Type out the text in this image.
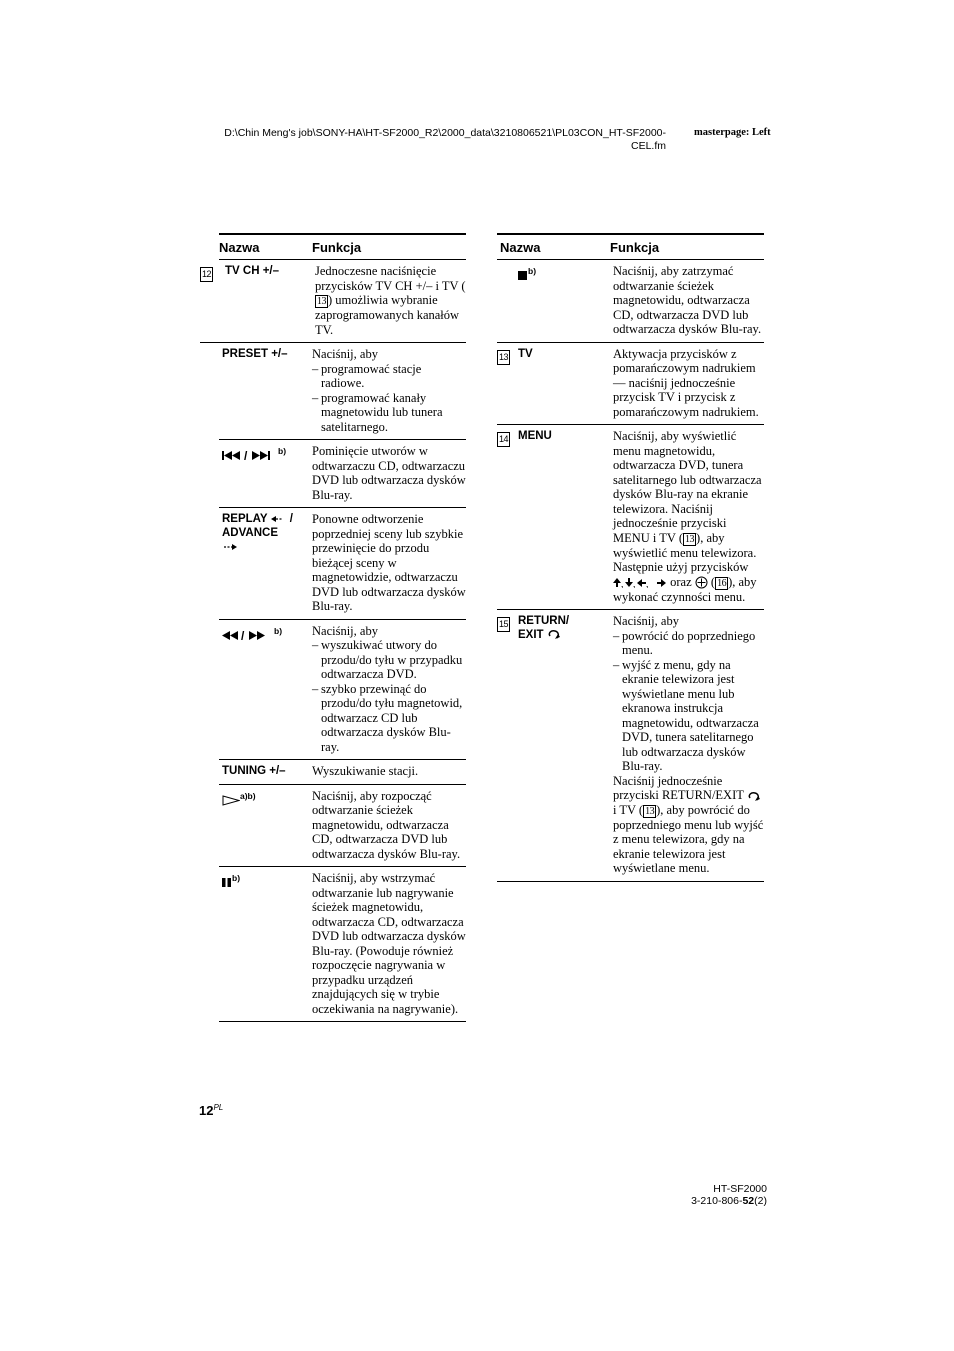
D:\Chin Meng's job\SONY-HA\HT-SF2000_R2\2000_data\3210806521\PL03CON_HT-SF2000-
CEL.fm
masterpage: Left
Nazwa	Funkcja
12	TV CH +/–	Jednoczesne naciśnięcie przycisków TV CH +/– i TV (13 ) umożliwia wybranie zaprogramowanych kanałów TV.
PRESET +/–	Naciśnij, aby
– programować stacje radiowe.
– programować kanały magnetowidu lub tunera satelitarnego.
/	$^{b)}$	Pominięcie utworów w odtwarzaczu CD, odtwarzaczu DVD lub odtwarzacza dysków Blu-ray.
REPLAY  /
ADVANCE
Ponowne odtworzenie poprzedniej sceny lub szybkie przewinięcie do przodu bieżącej sceny w magnetowidzie, odtwarzaczu DVD lub odtwarzacza dysków Blu-ray.
/	$^{b)}$	Naciśnij, aby
– wyszukiwać utwory do przodu/do tyłu w przypadku odtwarzacza DVD.
– szybko przewinąć do przodu/do tyłu magnetowid, odtwarzacz CD lub odtwarzacza dysków Blu-ray.
TUNING +/–	Wyszukiwanie stacji.
$^{a)b)}$	Naciśnij, aby rozpocząć odtwarzanie ścieżek magnetowidu, odtwarzacza CD, odtwarzacza DVD lub odtwarzacza dysków Blu-ray.
$^{b)}$	Naciśnij, aby wstrzymać odtwarzanie lub nagrywanie ścieżek magnetowidu, odtwarzacza CD, odtwarzacza DVD lub odtwarzacza dysków Blu-ray. (Powoduje również rozpoczęcie nagrywania w przypadku urządzeń znajdujących się w trybie oczekiwania na nagrywanie).
Nazwa	Funkcja
$^{b)}$	Naciśnij, aby zatrzymać odtwarzanie ścieżek magnetowidu, odtwarzacza CD, odtwarzacza DVD lub odtwarzacza dysków Blu-ray.
13 TV	Aktywacja przycisków z pomarańczowym nadrukiem — naciśnij jednocześnie przycisk TV i przycisk z pomarańczowym nadrukiem.
14 MENU	Naciśnij, aby wyświetlić menu magnetowidu, odtwarzacza DVD, tunera satelitarnego lub odtwarzacza dysków Blu-ray na ekranie telewizora. Naciśnij jednocześnie przyciski MENU i TV ( 13 ), aby wyświetlić menu telewizora. Następnie użyj przycisków
, , , oraz  ( 16 ), aby wykonać czynności menu.
15 RETURN/
EXIT
Naciśnij, aby
– powrócić do poprzedniego menu.
– wyjść z menu, gdy na ekranie telewizora jest wyświetlane menu lub ekranowa instrukcja magnetowidu, odtwarzacza DVD, tunera satelitarnego lub odtwarzacza dysków Blu-ray.
Naciśnij jednocześnie przyciski RETURN/EXIT  i TV ( 13 ), aby powrócić do poprzedniego menu lub wyjść z menu telewizora, gdy na ekranie telewizora jest wyświetlane menu.
$12^{PL}$
HT-SF2000
3-210-806-52(2)
